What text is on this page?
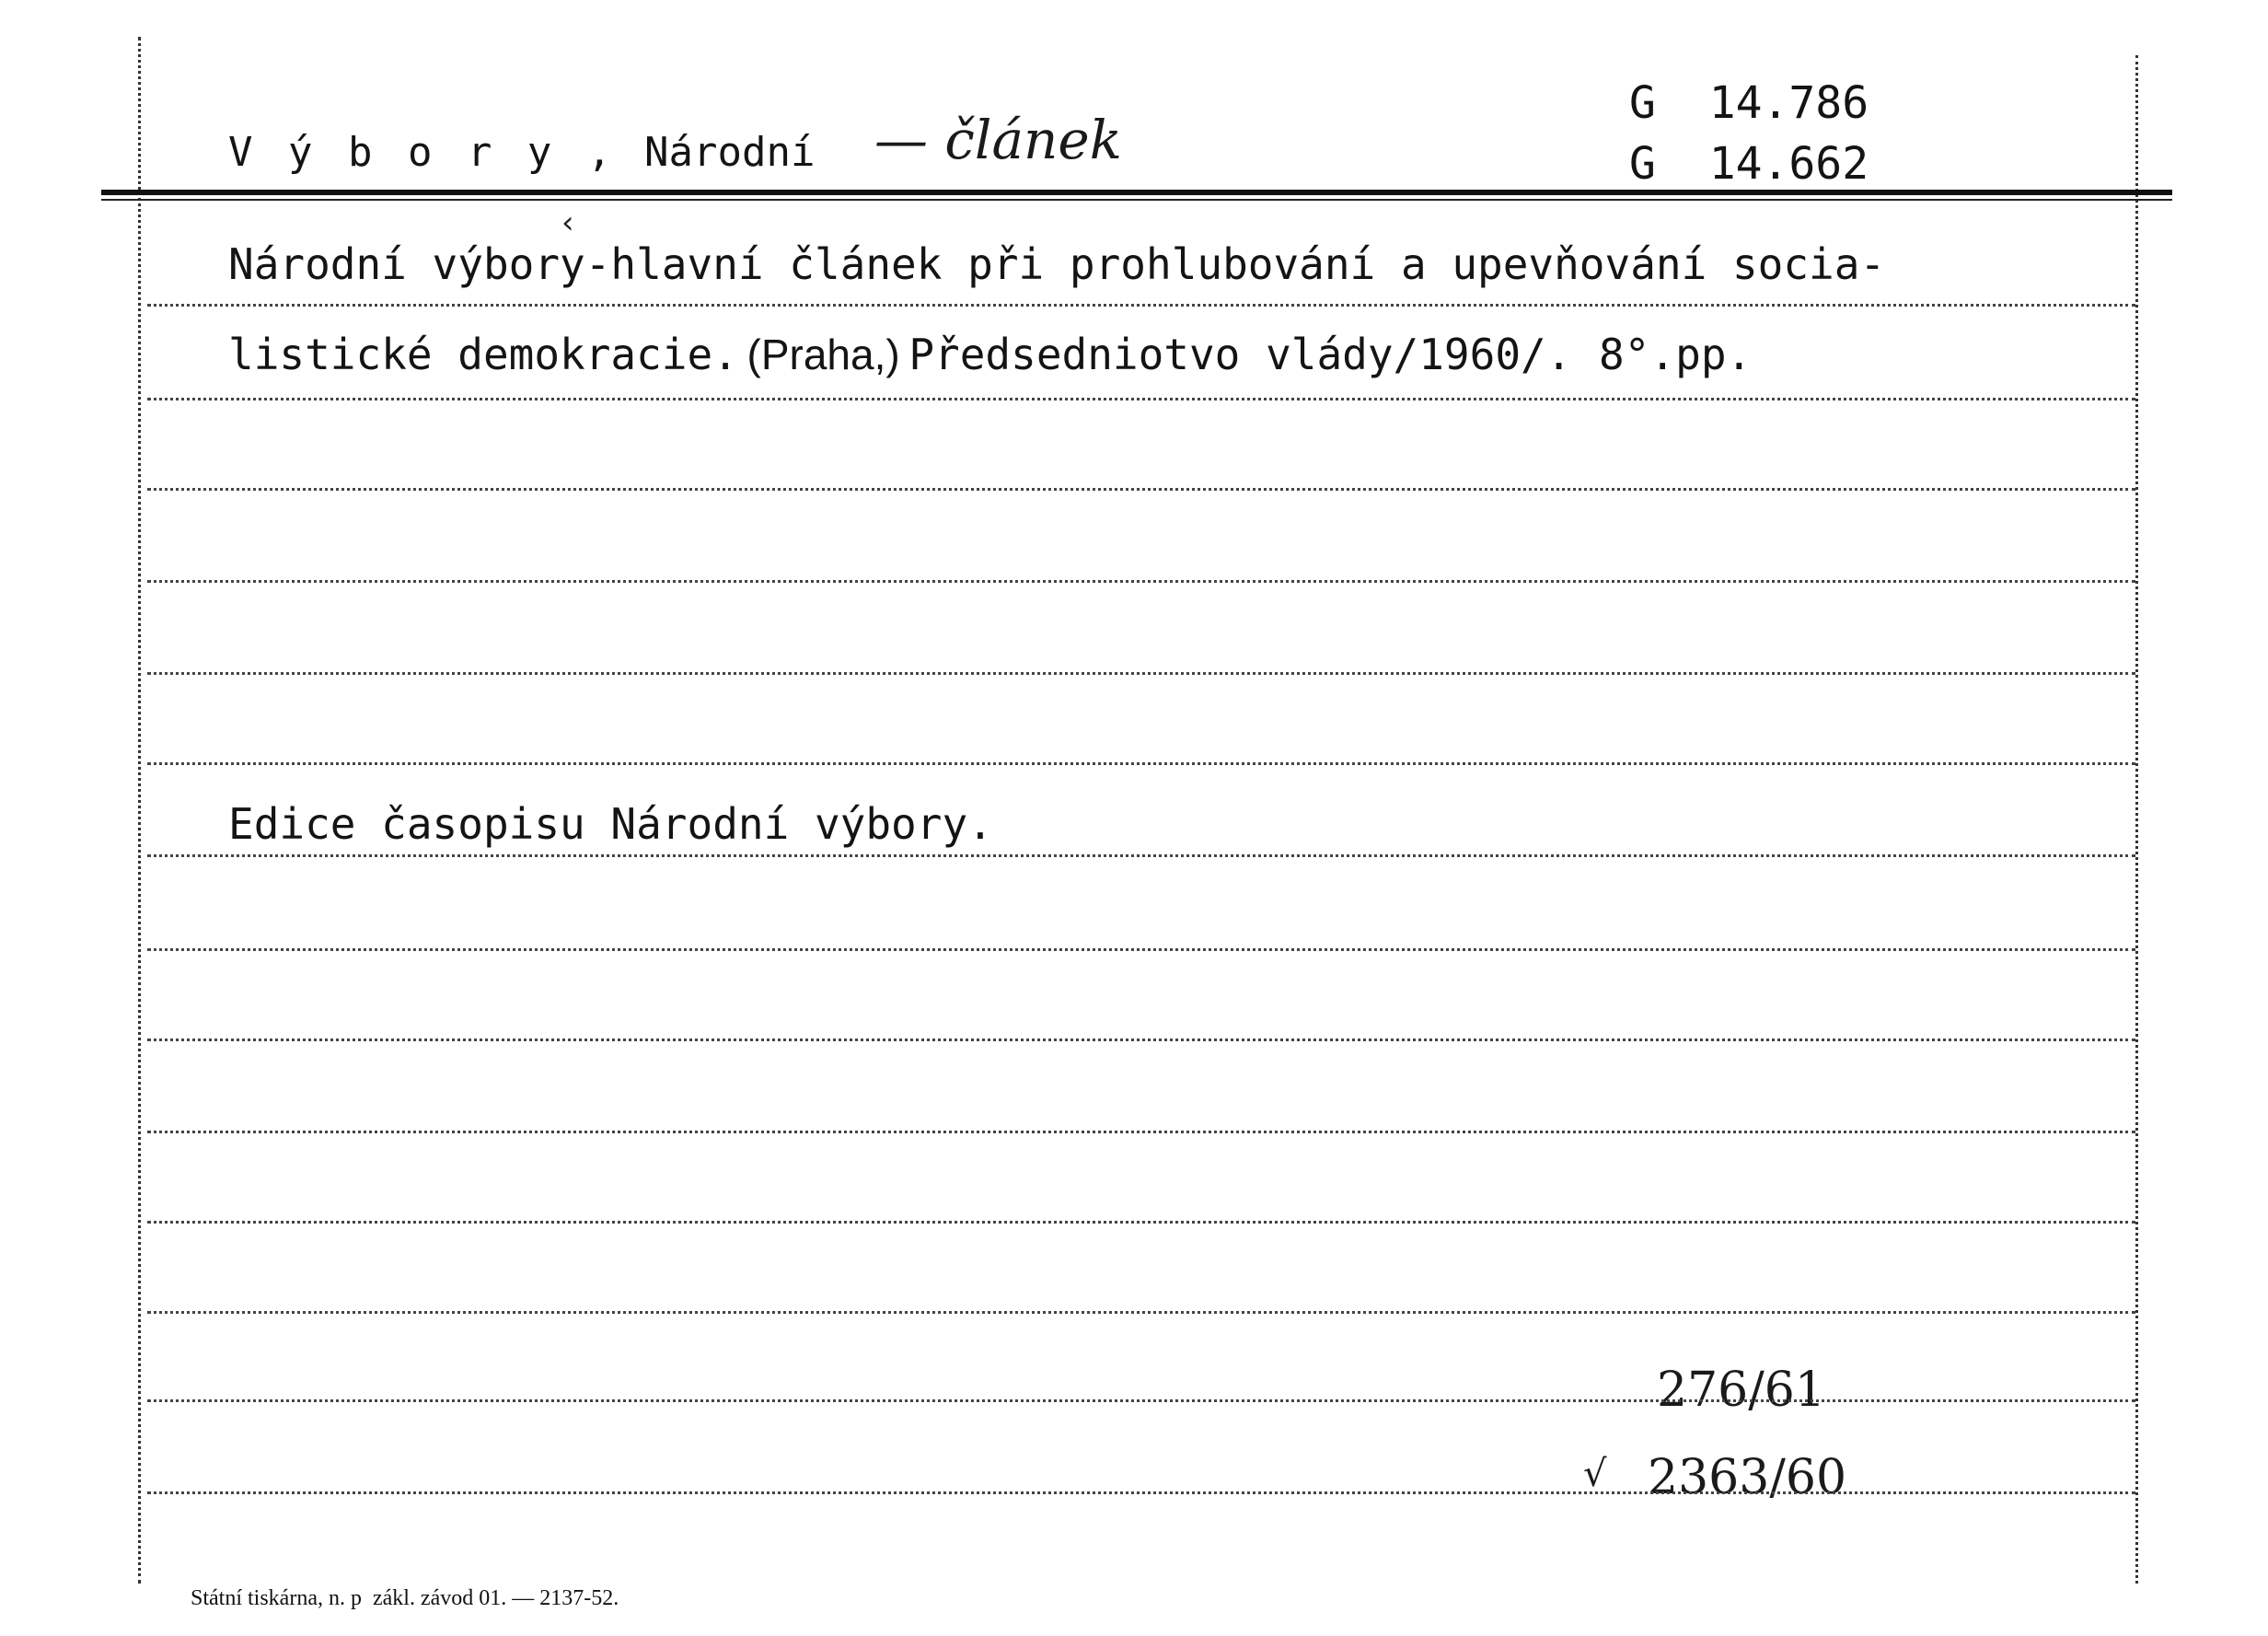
V ý b o r y , Národní — článek
G  14.786
G  14.662
Národní výbory-hlavní článek při prohlubování a upevňování socia-
‹
listické demokracie. (Praha,) Předsedniotvo vlády/1960/. 8°.pp.
Edice časopisu Národní výbory.
276/61
√ 2363/60
Státní tiskárna, n. p  zákl. závod 01. — 2137-52.
